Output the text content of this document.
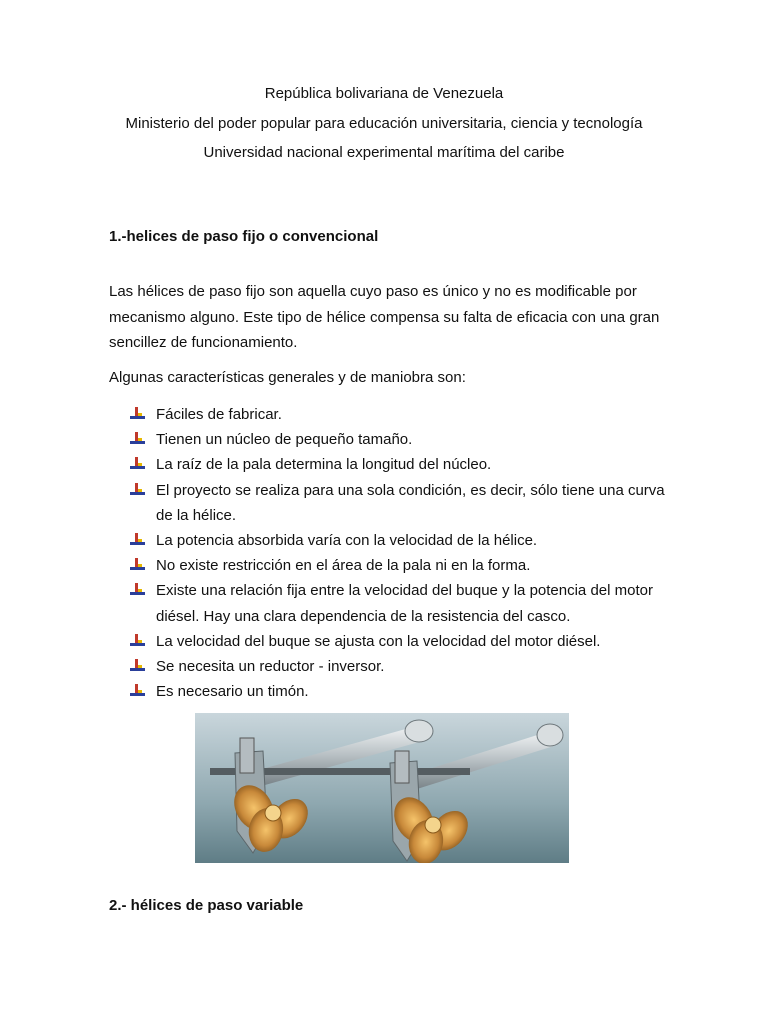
República bolivariana de Venezuela
Ministerio del poder popular para educación universitaria, ciencia y tecnología
Universidad nacional experimental marítima del caribe
1.-helices de paso fijo o convencional
Las hélices de paso fijo son aquella cuyo paso es único y no es modificable por mecanismo alguno. Este tipo de hélice compensa su falta de eficacia con una gran sencillez de funcionamiento.
Algunas características generales y de maniobra son:
Fáciles de fabricar.
Tienen un núcleo de pequeño tamaño.
La raíz de la pala determina la longitud del núcleo.
El proyecto se realiza para una sola condición, es decir, sólo tiene una curva de la hélice.
La potencia absorbida varía con la velocidad de la hélice.
No existe restricción en el área de la pala ni en la forma.
Existe una relación fija entre la velocidad del buque y la potencia del motor diésel. Hay una clara dependencia de la resistencia del casco.
La velocidad del buque se ajusta con la velocidad del motor diésel.
Se necesita un reductor - inversor.
Es necesario un timón.
2.- hélices de paso variable
